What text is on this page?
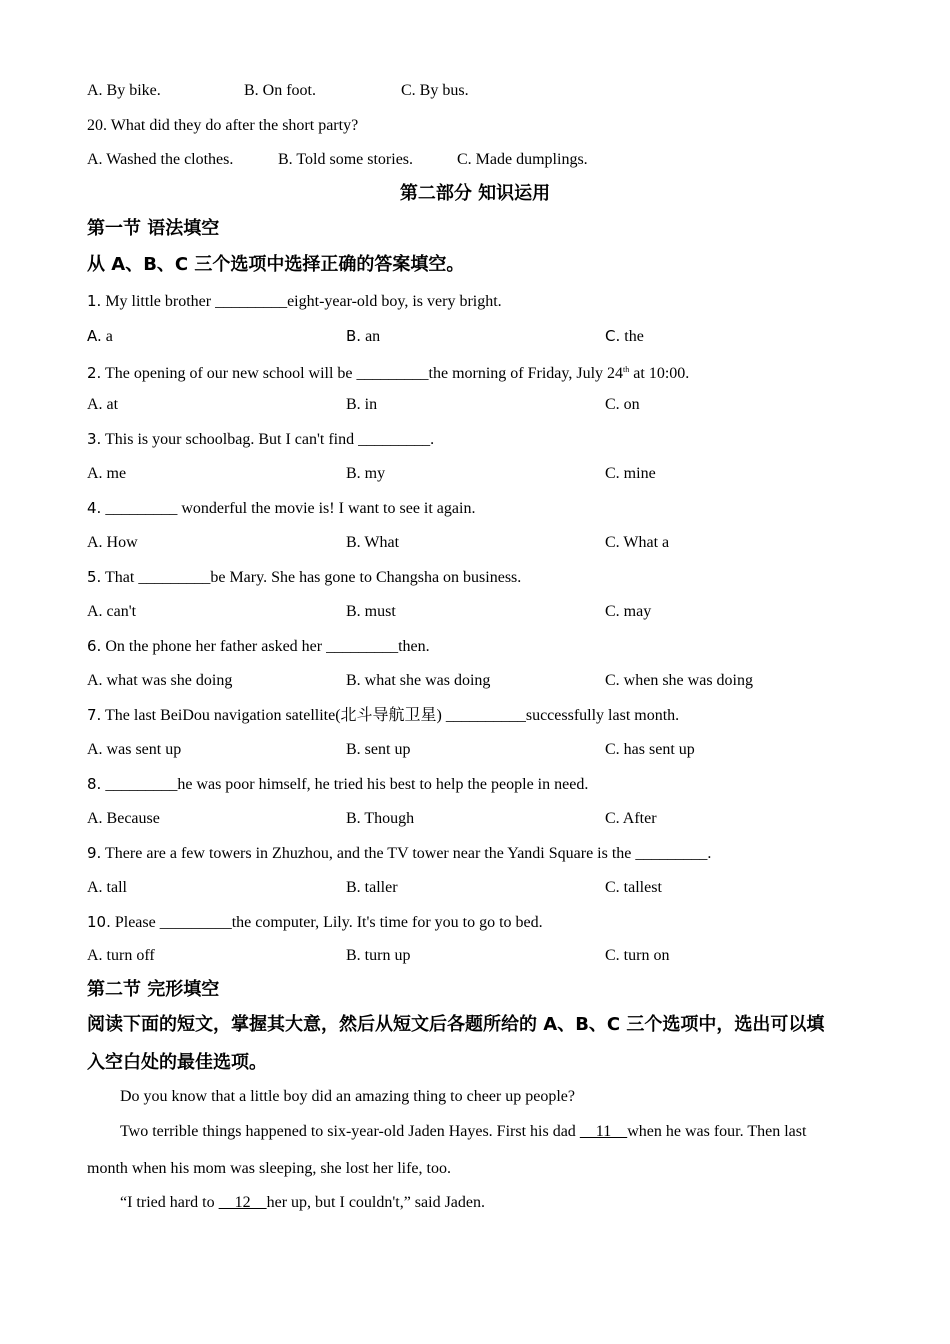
A. By bike.	B. On foot.	C. By bus.
20. What did they do after the short party?
A. Washed the clothes.	B. Told some stories.	C. Made dumplings.
第二部分 知识运用
第一节 语法填空
从 A、B、C 三个选项中选择正确的答案填空。
1. My little brother _________eight-year-old boy, is very bright.
A. a	B. an	C. the
2. The opening of our new school will be _________the morning of Friday, July 24th at 10:00.
A. at	B. in	C. on
3. This is your schoolbag. But I can't find _________.
A. me	B. my	C. mine
4. _________ wonderful the movie is! I want to see it again.
A. How	B. What	C. What a
5. That _________be Mary. She has gone to Changsha on business.
A. can't	B. must	C. may
6. On the phone her father asked her _________then.
A. what was she doing	B. what she was doing	C. when she was doing
7. The last BeiDou navigation satellite(北斗导航卫星) __________successfully last month.
A. was sent up	B. sent up	C. has sent up
8. _________he was poor himself, he tried his best to help the people in need.
A. Because	B. Though	C. After
9. There are a few towers in Zhuzhou, and the TV tower near the Yandi Square is the _________.
A. tall	B. taller	C. tallest
10. Please _________the computer, Lily. It's time for you to go to bed.
A. turn off	B. turn up	C. turn on
第二节 完形填空
阅读下面的短文，掌握其大意，然后从短文后各题所给的 A、B、C 三个选项中，选出可以填
入空白处的最佳选项。
Do you know that a little boy did an amazing thing to cheer up people?
Two terrible things happened to six-year-old Jaden Hayes. First his dad     11    when he was four. Then last
month when his mom was sleeping, she lost her life, too.
“I tried hard to     12    her up, but I couldn't,” said Jaden.
